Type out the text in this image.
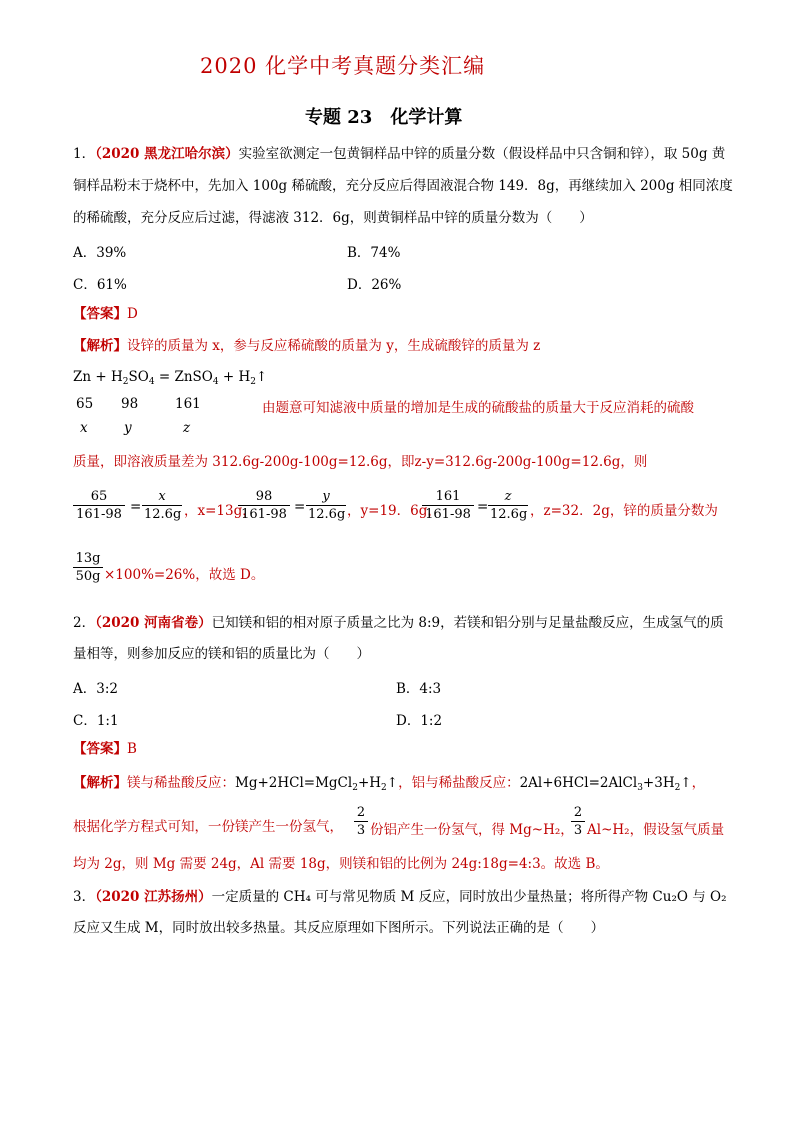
2020 化学中考真题分类汇编
专题 23　化学计算
1．（2020 黑龙江哈尔滨）实验室欲测定一包黄铜样品中锌的质量分数（假设样品中只含铜和锌），取 50g 黄
铜样品粉末于烧杯中，先加入 100g 稀硫酸，充分反应后得固液混合物 149．8g，再继续加入 200g 相同浓度
的稀硫酸，充分反应后过滤，得滤液 312．6g，则黄铜样品中锌的质量分数为（　　）
A．39%	B．74%
C．61%	D．26%
【答案】D
【解析】设锌的质量为 x，参与反应稀硫酸的质量为 y，生成硫酸锌的质量为 z
$Zn + H_2SO_4$ = ZnSO$_4$ + $H_2↑$
65 98	161	由题意可知滤液中质量的增加是生成的硫酸盐的质量大于反应消耗的硫酸
x	y	z
质量，即溶液质量差为 312.6g-200g-100g=12.6g，即z-y=312.6g-200g-100g=12.6g，则
$\frac{65}{161-98} = \frac{x}{12.6g}$ ，x=13g，
$\frac{98}{161-98} = \frac{y}{12.6g}$ ，y=19．6g，
$\frac{161}{161-98} = \frac{z}{12.6g}$ ，z=32．2g，锌的质量分数为
$\frac{13g}{50g} \times 100\%=26\%$，故选 D。
2．（2020 河南省卷）已知镁和铝的相对原子质量之比为 8:9，若镁和铝分别与足量盐酸反应，生成氢气的质
量相等，则参加反应的镁和铝的质量比为（　　）
A．3:2	B．4:3
C．1:1	D．1:2
【答案】B
【解析】镁与稀盐酸反应：$Mg+2HCl=MgCl_2+H_2↑$，铝与稀盐酸反应：$2Al+6HCl=2AlCl_3+3H_2↑$，
根据化学方程式可知，一份镁产生一份氢气， $\frac{2}{3}$ 份铝产生一份氢气，得 Mg~H₂，
$\frac{2}{3}$ Al~H₂，假设氢气质量
均为 2g，则 Mg 需要 24g，Al 需要 18g，则镁和铝的比例为 24g:18g=4:3。故选 B。
3．（2020 江苏扬州）一定质量的 CH₄ 可与常见物质 M 反应，同时放出少量热量；将所得产物 Cu₂O 与 O₂
反应又生成 M，同时放出较多热量。其反应原理如下图所示。下列说法正确的是（　　）
